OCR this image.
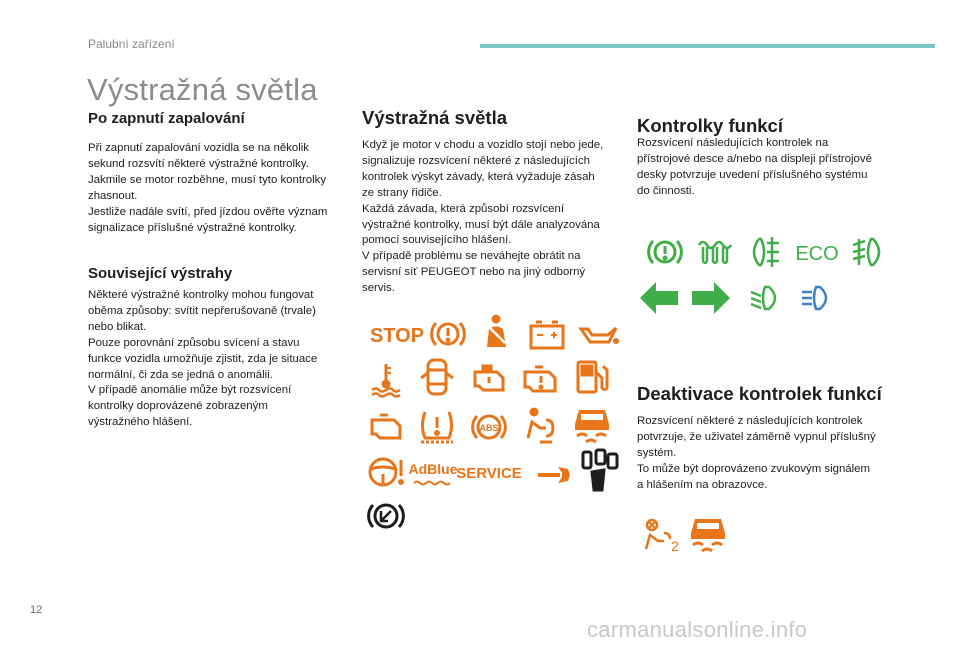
Palubní zařízení
Výstražná světla
Po zapnutí zapalování

Při zapnutí zapalování vozidla se na několik
sekund rozsvítí některé výstražné kontrolky.
Jakmile se motor rozběhne, musí tyto kontrolky
zhasnout.
Jestliže nadále svítí, před jízdou ověřte význam
signalizace příslušné výstražné kontrolky.

Související výstrahy

Některé výstražné kontrolky mohou fungovat
oběma způsoby: svítit nepřerušovaně (trvale)
nebo blikat.
Pouze porovnání způsobu svícení a stavu
funkce vozidla umožňuje zjistit, zda je situace
normální, či zda se jedná o anomálii.
V případě anomálie může být rozsvícení
kontrolky doprovázené zobrazeným
výstražného hlášení.

Výstražná světla

Když je motor v chodu a vozidlo stojí nebo jede,
signalizuje rozsvícení některé z následujících
kontrolek výskyt závady, která vyžaduje zásah
ze strany řidiče.
Každá závada, která způsobí rozsvícení
výstražné kontrolky, musí být dále analyzována
pomocí souvisejícího hlášení.
V případě problému se neváhejte obrátit na
servisní síť PEUGEOT nebo na jiný odborný
servis.

STOP
ABS
AdBlue
SERVICE
Kontrolky funkcí

Rozsvícení následujících kontrolek na
přístrojové desce a/nebo na displeji přístrojové
desky potvrzuje uvedení příslušného systému
do činnosti.

ECO
Deaktivace kontrolek funkcí

Rozsvícení některé z následujících kontrolek
potvrzuje, že uživatel záměrně vypnul příslušný
systém.
To může být doprovázeno zvukovým signálem
a hlášením na obrazovce.

2
12
carmanualsonline.info
